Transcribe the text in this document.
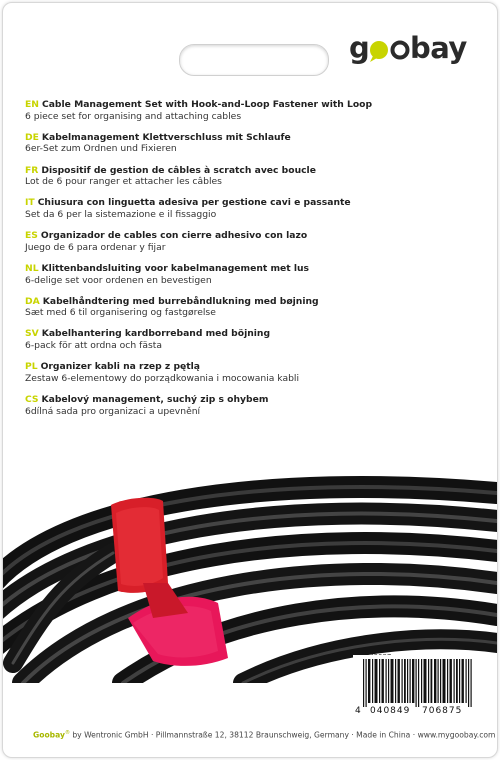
g bay
EN Cable Management Set with Hook-and-Loop Fastener with Loop
6 piece set for organising and attaching cables
DE Kabelmanagement Klettverschluss mit Schlaufe
6er-Set zum Ordnen und Fixieren
FR Dispositif de gestion de câbles à scratch avec boucle
Lot de 6 pour ranger et attacher les câbles
IT Chiusura con linguetta adesiva per gestione cavi e passante
Set da 6 per la sistemazione e il fissaggio
ES Organizador de cables con cierre adhesivo con lazo
Juego de 6 para ordenar y fijar
NL Klittenbandsluiting voor kabelmanagement met lus
6-delige set voor ordenen en bevestigen
DA Kabelhåndtering med burrebåndlukning med bøjning
Sæt med 6 til organisering og fastgørelse
SV Kabelhantering kardborreband med böjning
6-pack för att ordna och fästa
PL Organizer kabli na rzep z pętlą
Zestaw 6-elementowy do porządkowania i mocowania kabli
CS Kabelový management, suchý zip s ohybem
6dílná sada pro organizaci a upevnění
4 040849 706875
Goobay® by Wentronic GmbH · Pillmannstraße 12, 38112 Braunschweig, Germany · Made in China · www.mygoobay.com
